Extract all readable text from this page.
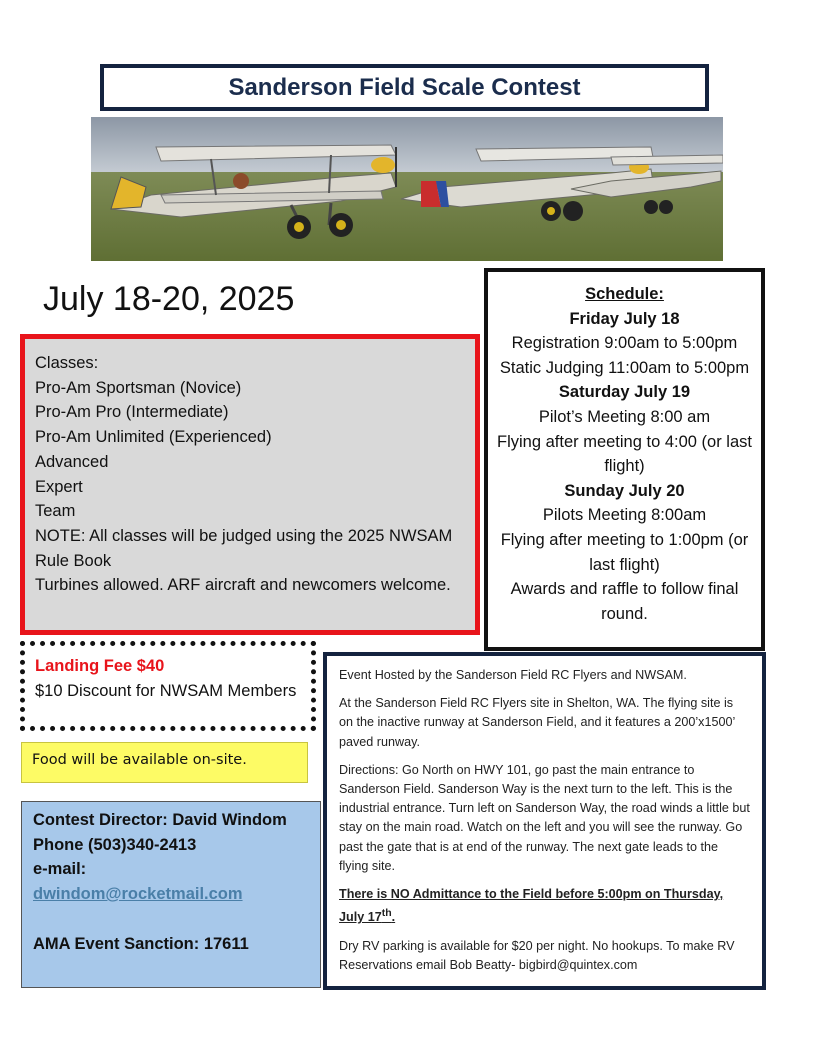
Sanderson Field Scale Contest
July 18-20, 2025
Classes:
Pro-Am Sportsman (Novice)
Pro-Am Pro (Intermediate)
Pro-Am Unlimited (Experienced)
Advanced
Expert
Team
NOTE: All classes will be judged using the 2025 NWSAM Rule Book
Turbines allowed. ARF aircraft and newcomers welcome.
Schedule:
Friday July 18
Registration 9:00am to 5:00pm
Static Judging 11:00am to 5:00pm
Saturday July 19
Pilot’s Meeting 8:00 am
Flying after meeting to 4:00 (or last flight)
Sunday July 20
Pilots Meeting 8:00am
Flying after meeting to 1:00pm (or last flight)
Awards and raffle to follow final round.
Landing Fee $40
$10 Discount for NWSAM Members
Food will be available on-site.
Contest Director: David Windom
Phone (503)340-2413
e-mail:
dwindom@rocketmail.com
AMA Event Sanction: 17611

Event Hosted by the Sanderson Field RC Flyers and NWSAM.

At the Sanderson Field RC Flyers site in Shelton, WA. The flying site is on the inactive runway at Sanderson Field, and it features a 200’x1500’ paved runway.

Directions: Go North on HWY 101, go past the main entrance to Sanderson Field. Sanderson Way is the next turn to the left. This is the industrial entrance. Turn left on Sanderson Way, the road winds a little but stay on the main road. Watch on the left and you will see the runway. Go past the gate that is at end of the runway. The next gate leads to the flying site.

There is NO Admittance to the Field before 5:00pm on Thursday, July 17th.

Dry RV parking is available for $20 per night. No hookups. To make RV Reservations email Bob Beatty- bigbird@quintex.com
